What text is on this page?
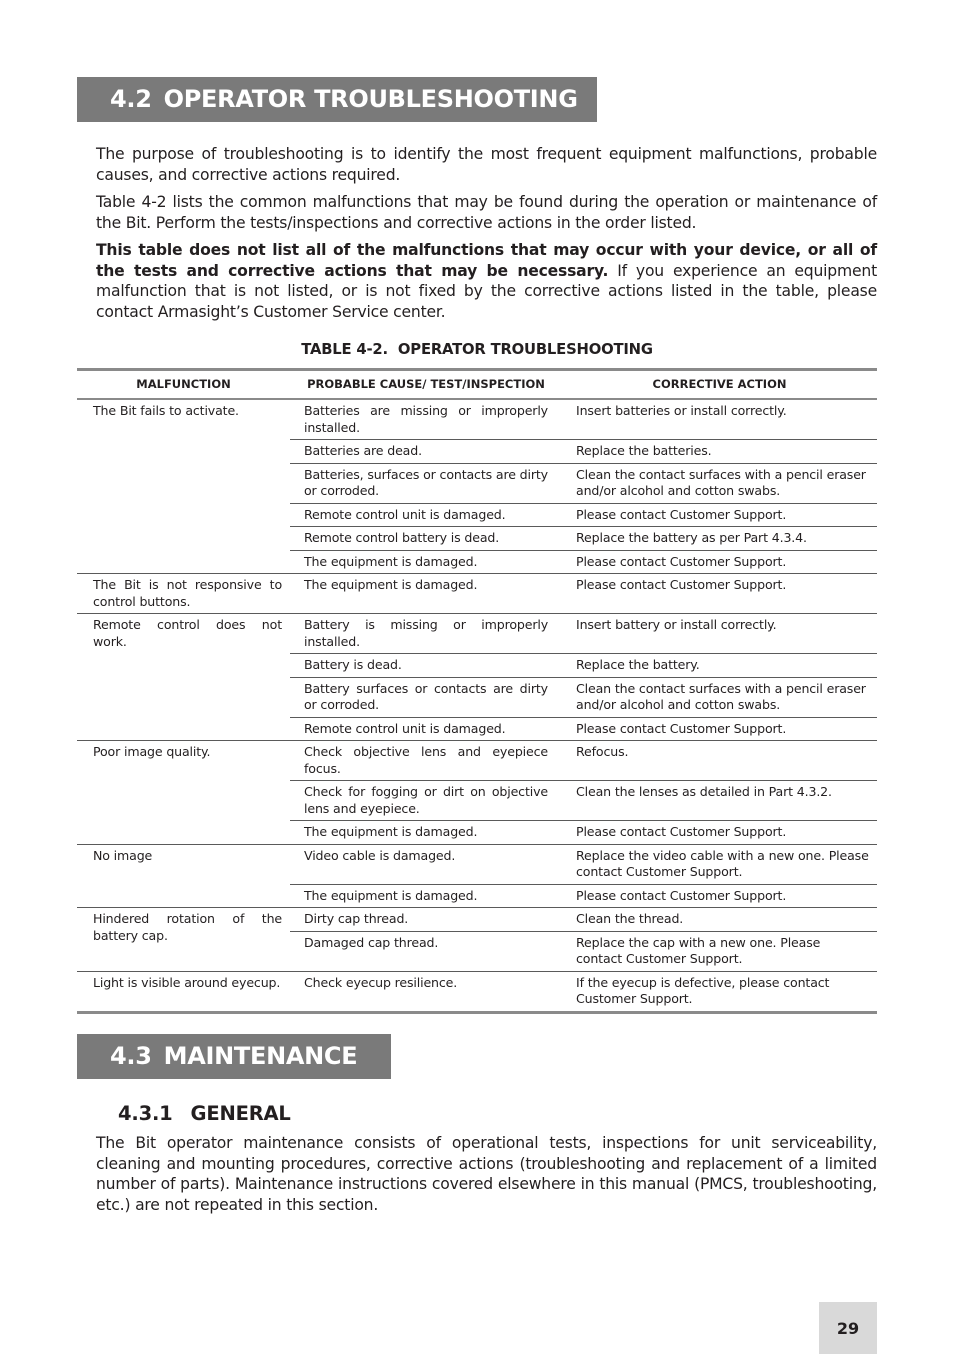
4.2 OPERATOR TROUBLESHOOTING

The purpose of troubleshooting is to identify the most frequent equipment malfunctions, probable causes, and corrective actions required.

Table 4-2 lists the common malfunctions that may be found during the operation or maintenance of the Bit. Perform the tests/inspections and corrective actions in the order listed.

This table does not list all of the malfunctions that may occur with your device, or all of the tests and corrective actions that may be necessary. If you experience an equipment malfunction that is not listed, or is not fixed by the corrective actions listed in the table, please contact Armasight’s Customer Service center.

TABLE 4-2. OPERATOR TROUBLESHOOTING
MALFUNCTION	PROBABLE CAUSE/ TEST/INSPECTION	CORRECTIVE ACTION
The Bit fails to activate.	Batteries are missing or improperly installed.	Insert batteries or install correctly.
	Batteries are dead.	Replace the batteries.
	Batteries, surfaces or contacts are dirty or corroded.	Clean the contact surfaces with a pencil eraser and/or alcohol and cotton swabs.
	Remote control unit is damaged.	Please contact Customer Support.
	Remote control battery is dead.	Replace the battery as per Part 4.3.4.
	The equipment is damaged.	Please contact Customer Support.
The Bit is not responsive to control buttons.	The equipment is damaged.	Please contact Customer Support.
Remote control does not work.	Battery is missing or improperly installed.	Insert battery or install correctly.
	Battery is dead.	Replace the battery.
	Battery surfaces or contacts are dirty or corroded.	Clean the contact surfaces with a pencil eraser and/or alcohol and cotton swabs.
	Remote control unit is damaged.	Please contact Customer Support.
Poor image quality.	Check objective lens and eyepiece focus.	Refocus.
	Check for fogging or dirt on objective lens and eyepiece.	Clean the lenses as detailed in Part 4.3.2.
	The equipment is damaged.	Please contact Customer Support.
No image	Video cable is damaged.	Replace the video cable with a new one. Please contact Customer Support.
	The equipment is damaged.	Please contact Customer Support.
Hindered rotation of the battery cap.	Dirty cap thread.	Clean the thread.
	Damaged cap thread.	Replace the cap with a new one. Please contact Customer Support.
Light is visible around eyecup.	Check eyecup resilience.	If the eyecup is defective, please contact Customer Support.
4.3 MAINTENANCE
4.3.1 GENERAL

The Bit operator maintenance consists of operational tests, inspections for unit serviceability, cleaning and mounting procedures, corrective actions (troubleshooting and replacement of a limited number of parts). Maintenance instructions covered elsewhere in this manual (PMCS, troubleshooting, etc.) are not repeated in this section.

29
